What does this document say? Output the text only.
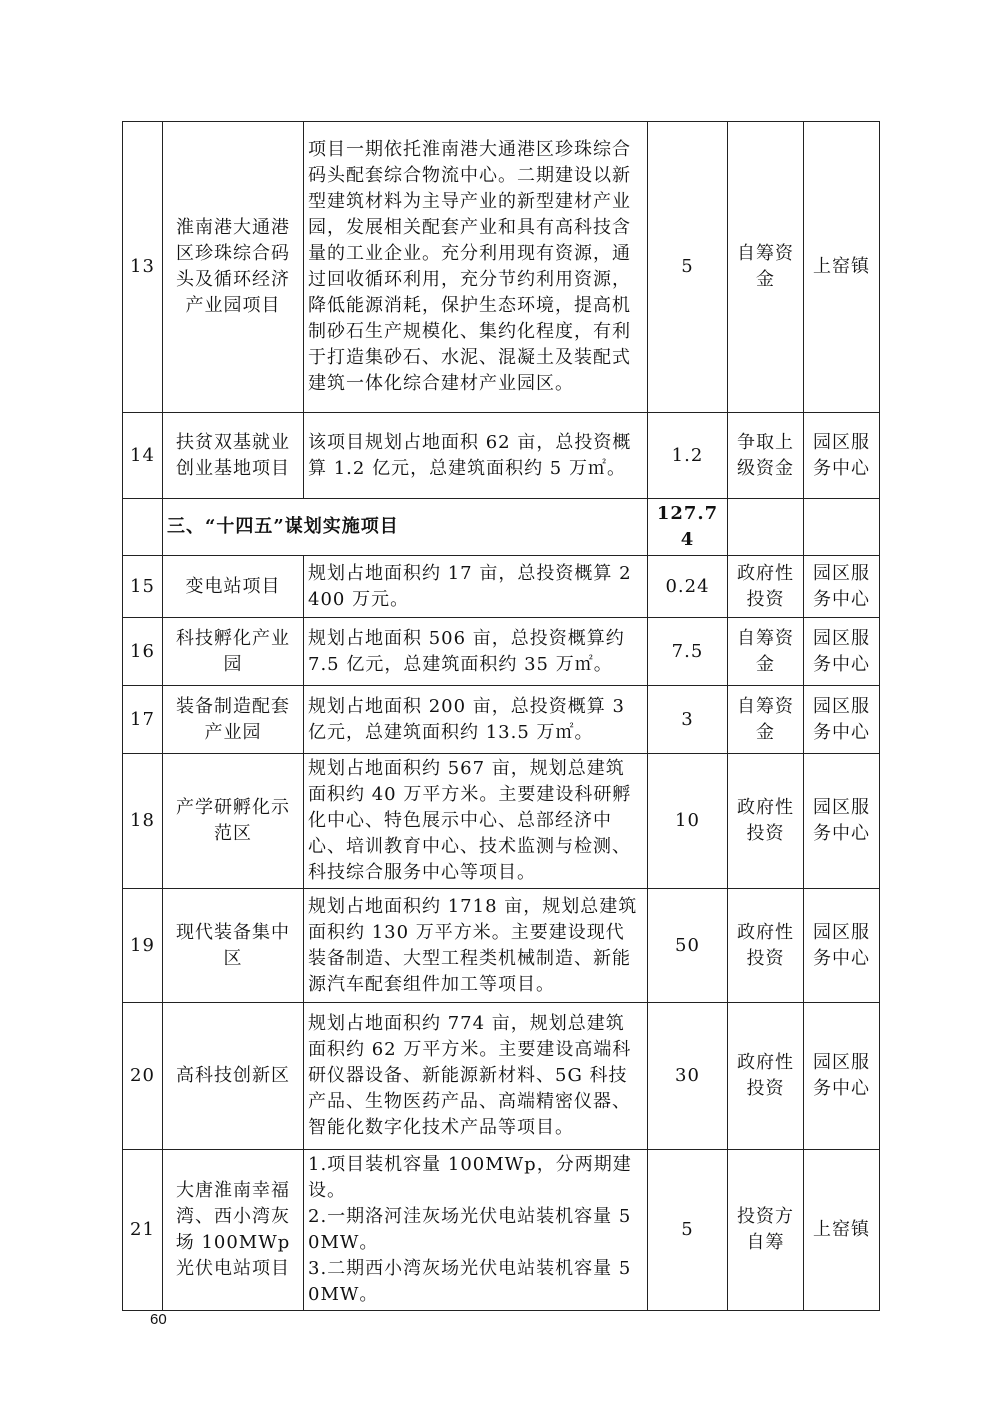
13	淮南港大通港区珍珠综合码头及循环经济产业园项目	项目一期依托淮南港大通港区珍珠综合码头配套综合物流中心。二期建设以新型建筑材料为主导产业的新型建材产业园，发展相关配套产业和具有高科技含量的工业企业。充分利用现有资源，通过回收循环利用，充分节约利用资源，降低能源消耗，保护生态环境，提高机制砂石生产规模化、集约化程度，有利于打造集砂石、水泥、混凝土及装配式建筑一体化综合建材产业园区。	5	自筹资金	上窑镇
14	扶贫双基就业创业基地项目	该项目规划占地面积 62 亩，总投资概算 1.2 亿元，总建筑面积约 5 万㎡。	1.2	争取上级资金	园区服务中心
	三、“十四五”谋划实施项目		127.74		
15	变电站项目	规划占地面积约 17 亩，总投资概算 2400 万元。	0.24	政府性投资	园区服务中心
16	科技孵化产业园	规划占地面积 506 亩，总投资概算约 7.5 亿元，总建筑面积约 35 万㎡。	7.5	自筹资金	园区服务中心
17	装备制造配套产业园	规划占地面积 200 亩，总投资概算 3 亿元，总建筑面积约 13.5 万㎡。	3	自筹资金	园区服务中心
18	产学研孵化示范区	规划占地面积约 567 亩，规划总建筑面积约 40 万平方米。主要建设科研孵化中心、特色展示中心、总部经济中心、培训教育中心、技术监测与检测、科技综合服务中心等项目。	10	政府性投资	园区服务中心
19	现代装备集中区	规划占地面积约 1718 亩，规划总建筑面积约 130 万平方米。主要建设现代装备制造、大型工程类机械制造、新能源汽车配套组件加工等项目。	50	政府性投资	园区服务中心
20	高科技创新区	规划占地面积约 774 亩，规划总建筑面积约 62 万平方米。主要建设高端科研仪器设备、新能源新材料、5G 科技产品、生物医药产品、高端精密仪器、智能化数字化技术产品等项目。	30	政府性投资	园区服务中心
21	大唐淮南幸福湾、西小湾灰场 100MWp 光伏电站项目	1.项目装机容量 100MWp，分两期建设。
2.一期洛河洼灰场光伏电站装机容量 50MW。
3.二期西小湾灰场光伏电站装机容量 50MW。	5	投资方自筹	上窑镇
60
